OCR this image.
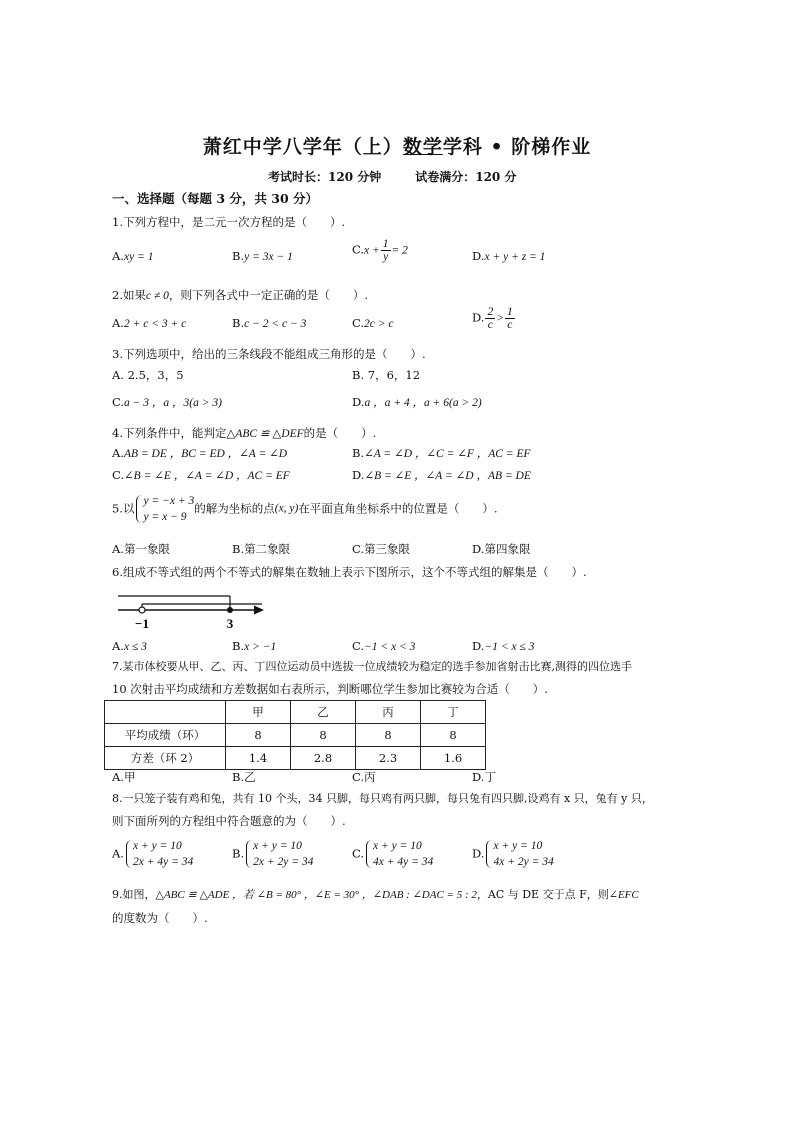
萧红中学八学年（上）数学学科 • 阶梯作业
考试时长：120 分钟	试卷满分：120 分
一、选择题（每题 3 分，共 30 分）
1.下列方程中，是二元一次方程的是（　　）.
A.xy = 1	B.y = 3x − 1
$C.x + \frac{1}{y} = 2$	D.x + y + z = 1
2.如果c ≠ 0，则下列各式中一定正确的是（　　）.
A.2 + c < 3 + c	B.c − 2 < c − 3	C.2c > c	D. $\frac{2}{c} > \frac{1}{c}$
3.下列选项中，给出的三条线段不能组成三角形的是（　　）.
A. 2.5，3，5	B. 7，6，12
C.a − 3 ，a ，3(a > 3)	D.a ，a + 4 ，a + 6(a > 2)
4.下列条件中，能判定△ABC ≌ △DEF的是（　　）.
A.AB = DE ，BC = ED ，∠A = ∠D	B.∠A = ∠D ，∠C = ∠F ，AC = EF
C.∠B = ∠E ，∠A = ∠D ，AC = EF	D.∠B = ∠E ，∠A = ∠D ，AB = DE
5.以
y = −x + 3
y = x − 9
的解为坐标的点(x, y)在平面直角坐标系中的位置是（　　）.
A.第一象限	B.第二象限	C.第三象限	D.第四象限
6.组成不等式组的两个不等式的解集在数轴上表示下图所示，这个不等式组的解集是（　　）.
−1	3
A.x ≤ 3	B.x > −1	C.−1 < x < 3	D.−1 < x ≤ 3
7.某市体校要从甲、乙、丙、丁四位运动员中选拔一位成绩较为稳定的选手参加省射击比赛,测得的四位选手
10 次射击平均成绩和方差数据如右表所示，判断哪位学生参加比赛较为合适（　　）.
	甲	乙	丙	丁
平均成绩（环）	8	8	8	8
方差（环 2）	1.4	2.8	2.3	1.6
A.甲	B.乙	C.丙	D.丁
8.一只笼子装有鸡和兔，共有 10 个头，34 只脚，每只鸡有两只脚，每只兔有四只脚,设鸡有 x 只，兔有 y 只，
则下面所列的方程组中符合题意的为（　　）.
A.
x + y = 10
2x + 4y = 34
B.
x + y = 10
2x + 2y = 34
C.
x + y = 10
4x + 4y = 34
D.
x + y = 10
4x + 2y = 34
9.如图，△ABC ≌ △ADE ，若 ∠B = 80° ，∠E = 30° ，∠DAB : ∠DAC = 5 : 2，AC 与 DE 交于点 F，则∠EFC
的度数为（　　）.
